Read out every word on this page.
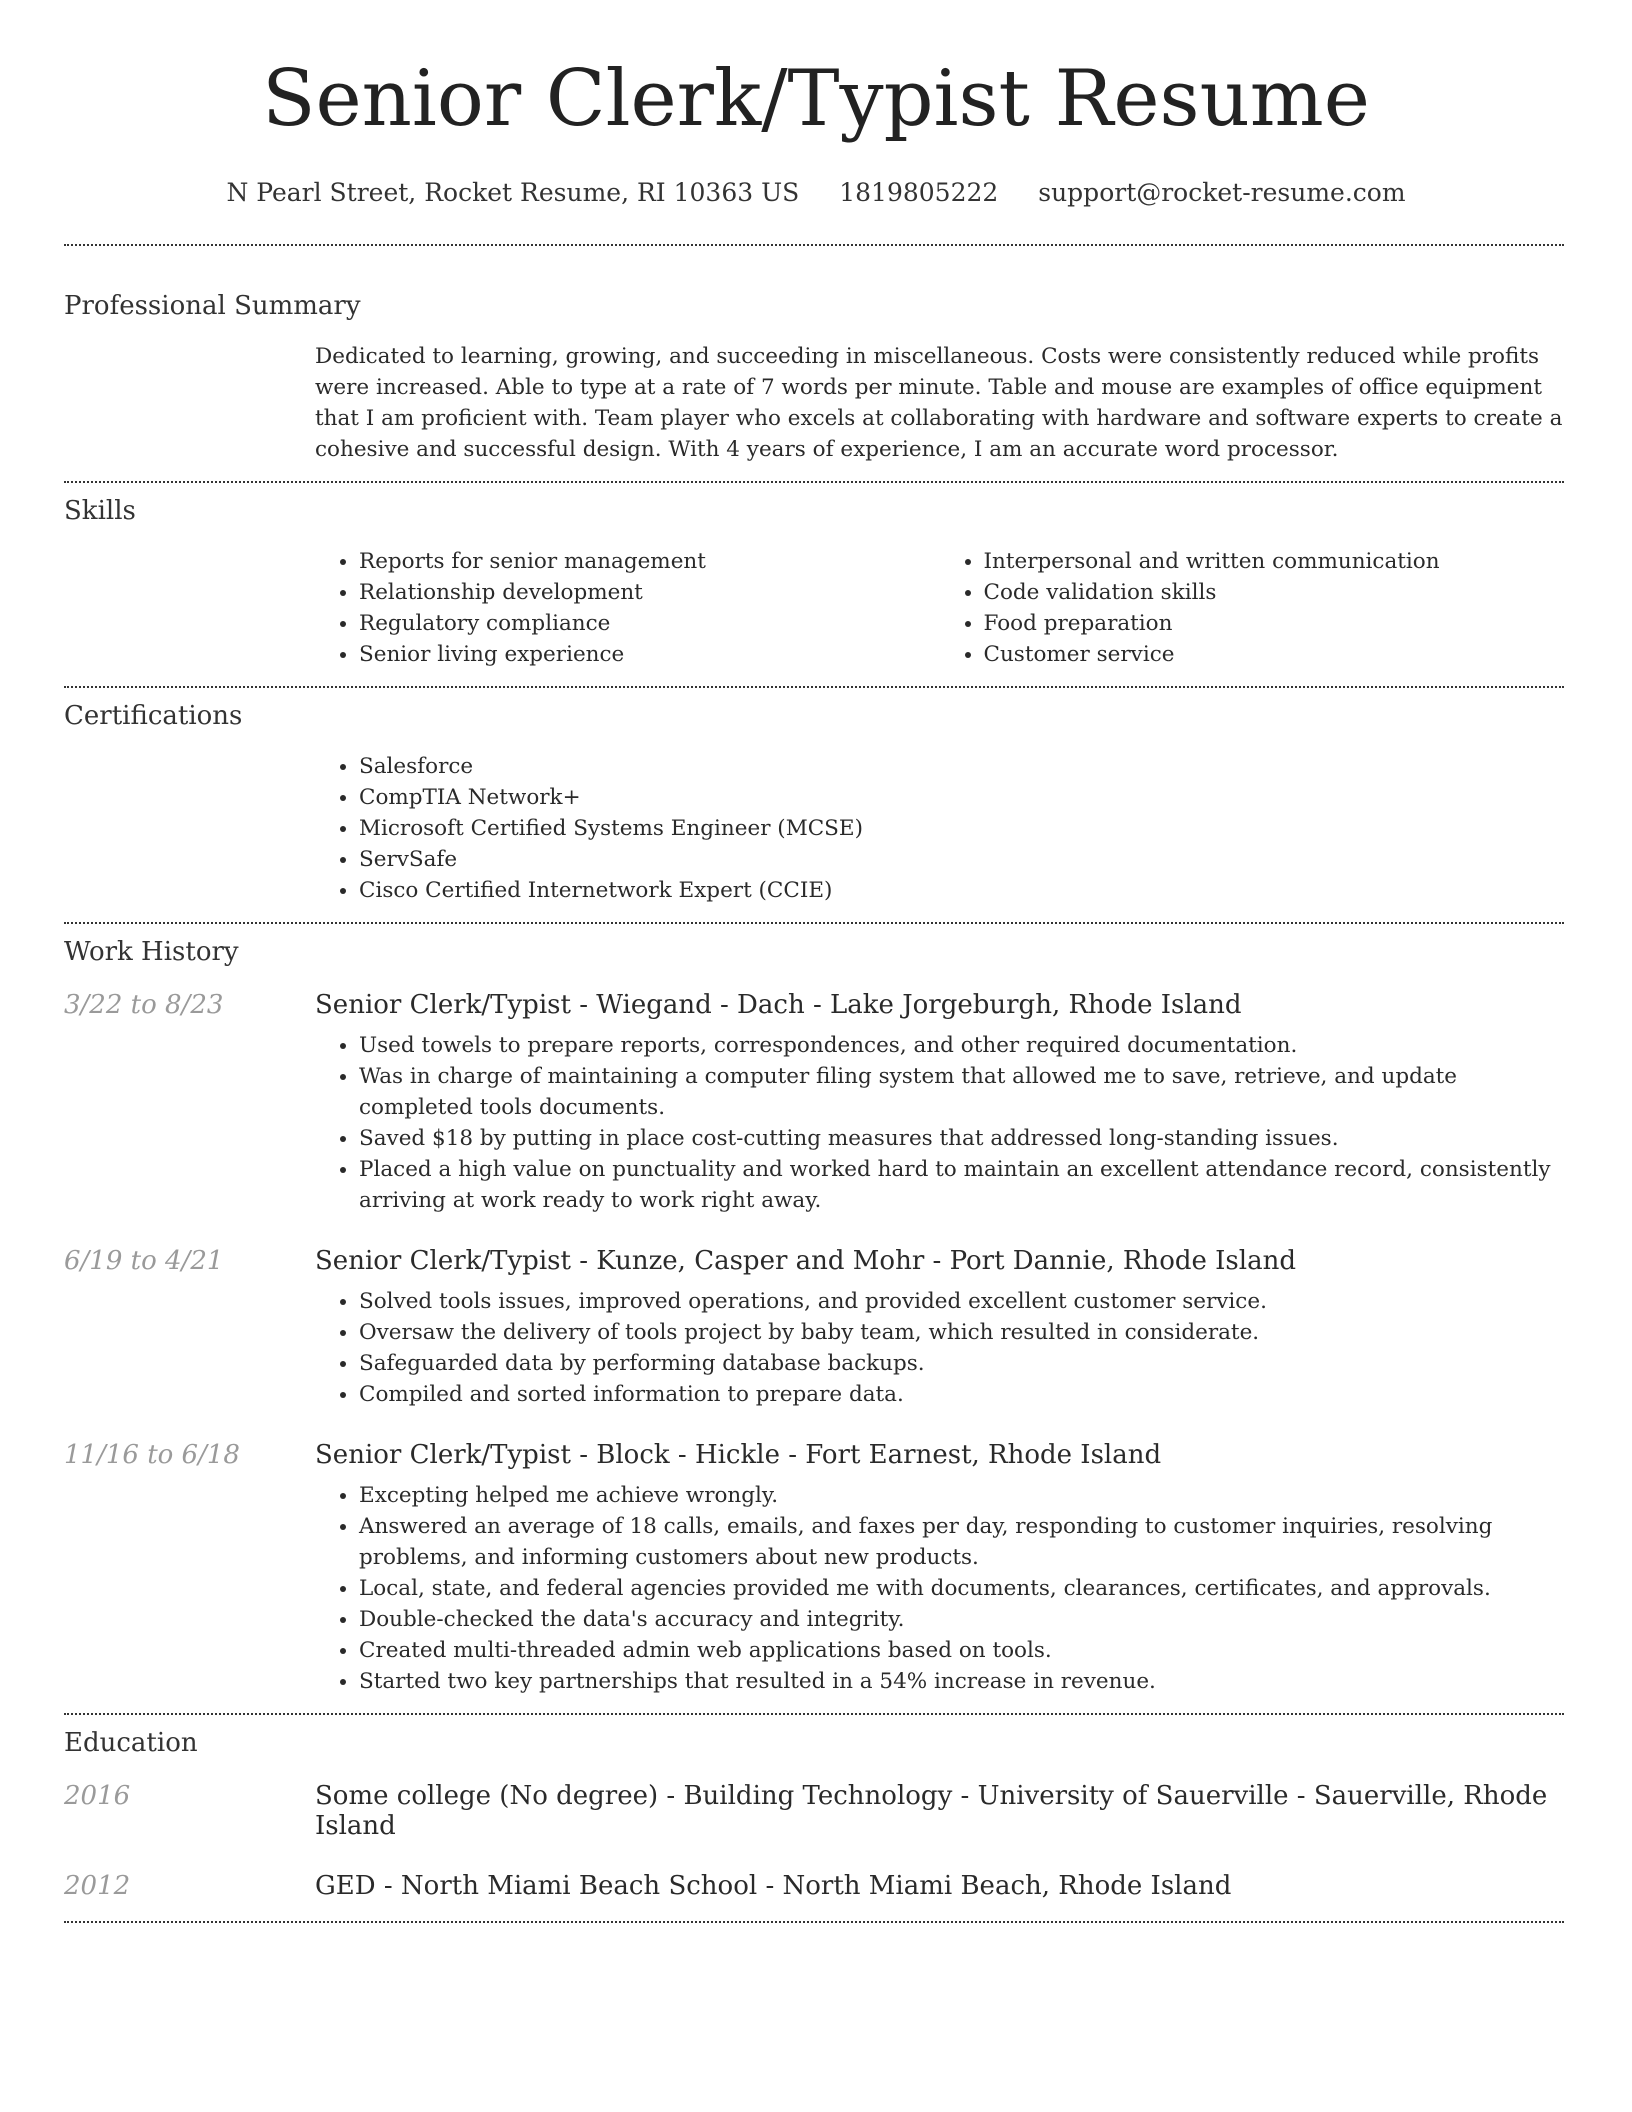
Senior Clerk/Typist Resume
N Pearl Street, Rocket Resume, RI 10363 US 1819805222 support@rocket-resume.com
Professional Summary
Dedicated to learning, growing, and succeeding in miscellaneous. Costs were consistently reduced while profits were increased. Able to type at a rate of 7 words per minute. Table and mouse are examples of office equipment that I am proficient with. Team player who excels at collaborating with hardware and software experts to create a cohesive and successful design. With 4 years of experience, I am an accurate word processor.
Skills
• Reports for senior management
• Relationship development
• Regulatory compliance
• Senior living experience
• Interpersonal and written communication
• Code validation skills
• Food preparation
• Customer service
Certifications
• Salesforce
• CompTIA Network+
• Microsoft Certified Systems Engineer (MCSE)
• ServSafe
• Cisco Certified Internetwork Expert (CCIE)
Work History
3/22 to 8/23	Senior Clerk/Typist - Wiegand - Dach - Lake Jorgeburgh, Rhode Island
• Used towels to prepare reports, correspondences, and other required documentation.
• Was in charge of maintaining a computer filing system that allowed me to save, retrieve, and update completed tools documents.
• Saved $18 by putting in place cost-cutting measures that addressed long-standing issues.
• Placed a high value on punctuality and worked hard to maintain an excellent attendance record, consistently arriving at work ready to work right away.
6/19 to 4/21	Senior Clerk/Typist - Kunze, Casper and Mohr - Port Dannie, Rhode Island
• Solved tools issues, improved operations, and provided excellent customer service.
• Oversaw the delivery of tools project by baby team, which resulted in considerate.
• Safeguarded data by performing database backups.
• Compiled and sorted information to prepare data.
11/16 to 6/18	Senior Clerk/Typist - Block - Hickle - Fort Earnest, Rhode Island
• Excepting helped me achieve wrongly.
• Answered an average of 18 calls, emails, and faxes per day, responding to customer inquiries, resolving problems, and informing customers about new products.
• Local, state, and federal agencies provided me with documents, clearances, certificates, and approvals.
• Double-checked the data's accuracy and integrity.
• Created multi-threaded admin web applications based on tools.
• Started two key partnerships that resulted in a 54% increase in revenue.
Education
2016	Some college (No degree) - Building Technology - University of Sauerville - Sauerville, Rhode Island
2012	GED - North Miami Beach School - North Miami Beach, Rhode Island
